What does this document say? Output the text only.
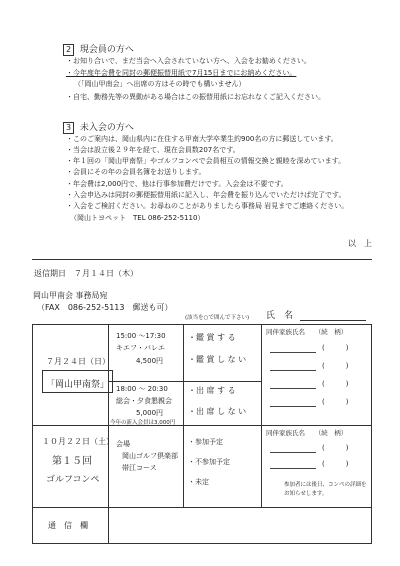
2 現会員の方へ
・お知り合いで、まだ当会へ入会されていない方へ、入会をお勧めください。
・今年度年会費を同封の郵便振替用紙で7月15日までにお納めください。
（「岡山甲南会」へ出席の方はその時でも構いません）
・自宅、勤務先等の異動がある場合はこの振替用紙にお忘れなくご記入ください。
3 未入会の方へ
・このご案内は、岡山県内に在住する甲南大学卒業生約900名の方に郵送しています。
・当会は設立後２９年を経て、現在会員数207名です。
・年１回の「岡山甲南祭」やゴルフコンペで会員相互の情報交換と親睦を深めています。
・会員にその年の会員名簿をお送りします。
・年会費は2,000円で、他は行事参加費だけです。入会金は不要です。
・入会申込みは同封の郵便振替用紙に記入し、年会費を振り込んでいただけば完了です。
・入会をご検討ください。お尋ねのことがありましたら事務局 岩見までご連絡ください。
（岡山トヨペット　TEL 086-252-5110）
以　上
返信期日　７月１４日（木）
岡山甲南会 事務局宛
（FAX　086-252-5113　郵送も可）
(該当を○で囲んで下さい) 氏　名
７月２４日（日）
「岡山甲南祭」
15:00 〜17:30
キエフ・バレエ
4,500円
・鑑 賞 す る
・鑑 賞 し な い
18:00 〜 20:30
総会・夕食懇親会
5,000円
今年の新入会員は3,000円
・出 席 す る
・出 席 し な い
同伴家族氏名　　（続　柄）
(　　　)
(　　　)
(　　　)
(　　　)
１０月２２日（土）
第１５回
ゴルフコンペ
会場
岡山ゴルフ倶楽部
帯江コース
・参加予定
・不参加予定
・未定
同伴家族氏名　　（続　柄）
(　　　)
(　　　)
参加者には後日、コンペの詳細を
お知らせします。
通　信　欄
